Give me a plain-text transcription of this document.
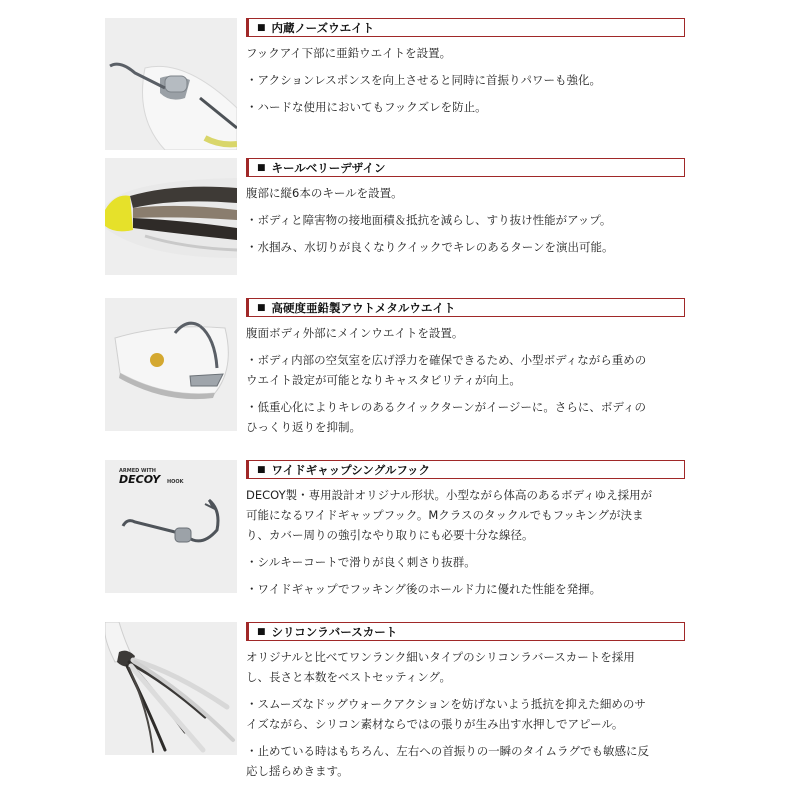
■ 内蔵ノーズウエイト

フックアイ下部に亜鉛ウエイトを設置。

・アクションレスポンスを向上させると同時に首振りパワーも強化。

・ハードな使用においてもフックズレを防止。

■ キールベリーデザイン

腹部に縦6本のキールを設置。

・ボディと障害物の接地面積＆抵抗を減らし、すり抜け性能がアップ。

・水掴み、水切りが良くなりクイックでキレのあるターンを演出可能。

■ 高硬度亜鉛製アウトメタルウエイト

腹面ボディ外部にメインウエイトを設置。

・ボディ内部の空気室を広げ浮力を確保できるため、小型ボディながら重めの
ウエイト設定が可能となりキャスタビリティが向上。

・低重心化によりキレのあるクイックターンがイージーに。さらに、ボディの
ひっくり返りを抑制。

ARMED WITH
DECOY HOOK
■ ワイドギャップシングルフック

DECOY製・専用設計オリジナル形状。小型ながら体高のあるボディゆえ採用が
可能になるワイドギャップフック。Mクラスのタックルでもフッキングが決ま
り、カバー周りの強引なやり取りにも必要十分な線径。

・シルキーコートで滑りが良く刺さり抜群。

・ワイドギャップでフッキング後のホールド力に優れた性能を発揮。

■ シリコンラバースカート

オリジナルと比べてワンランク細いタイプのシリコンラバースカートを採用
し、長さと本数をベストセッティング。

・スムーズなドッグウォークアクションを妨げないよう抵抗を抑えた細めのサ
イズながら、シリコン素材ならではの張りが生み出す水押しでアピール。

・止めている時はもちろん、左右への首振りの一瞬のタイムラグでも敏感に反
応し揺らめきます。
